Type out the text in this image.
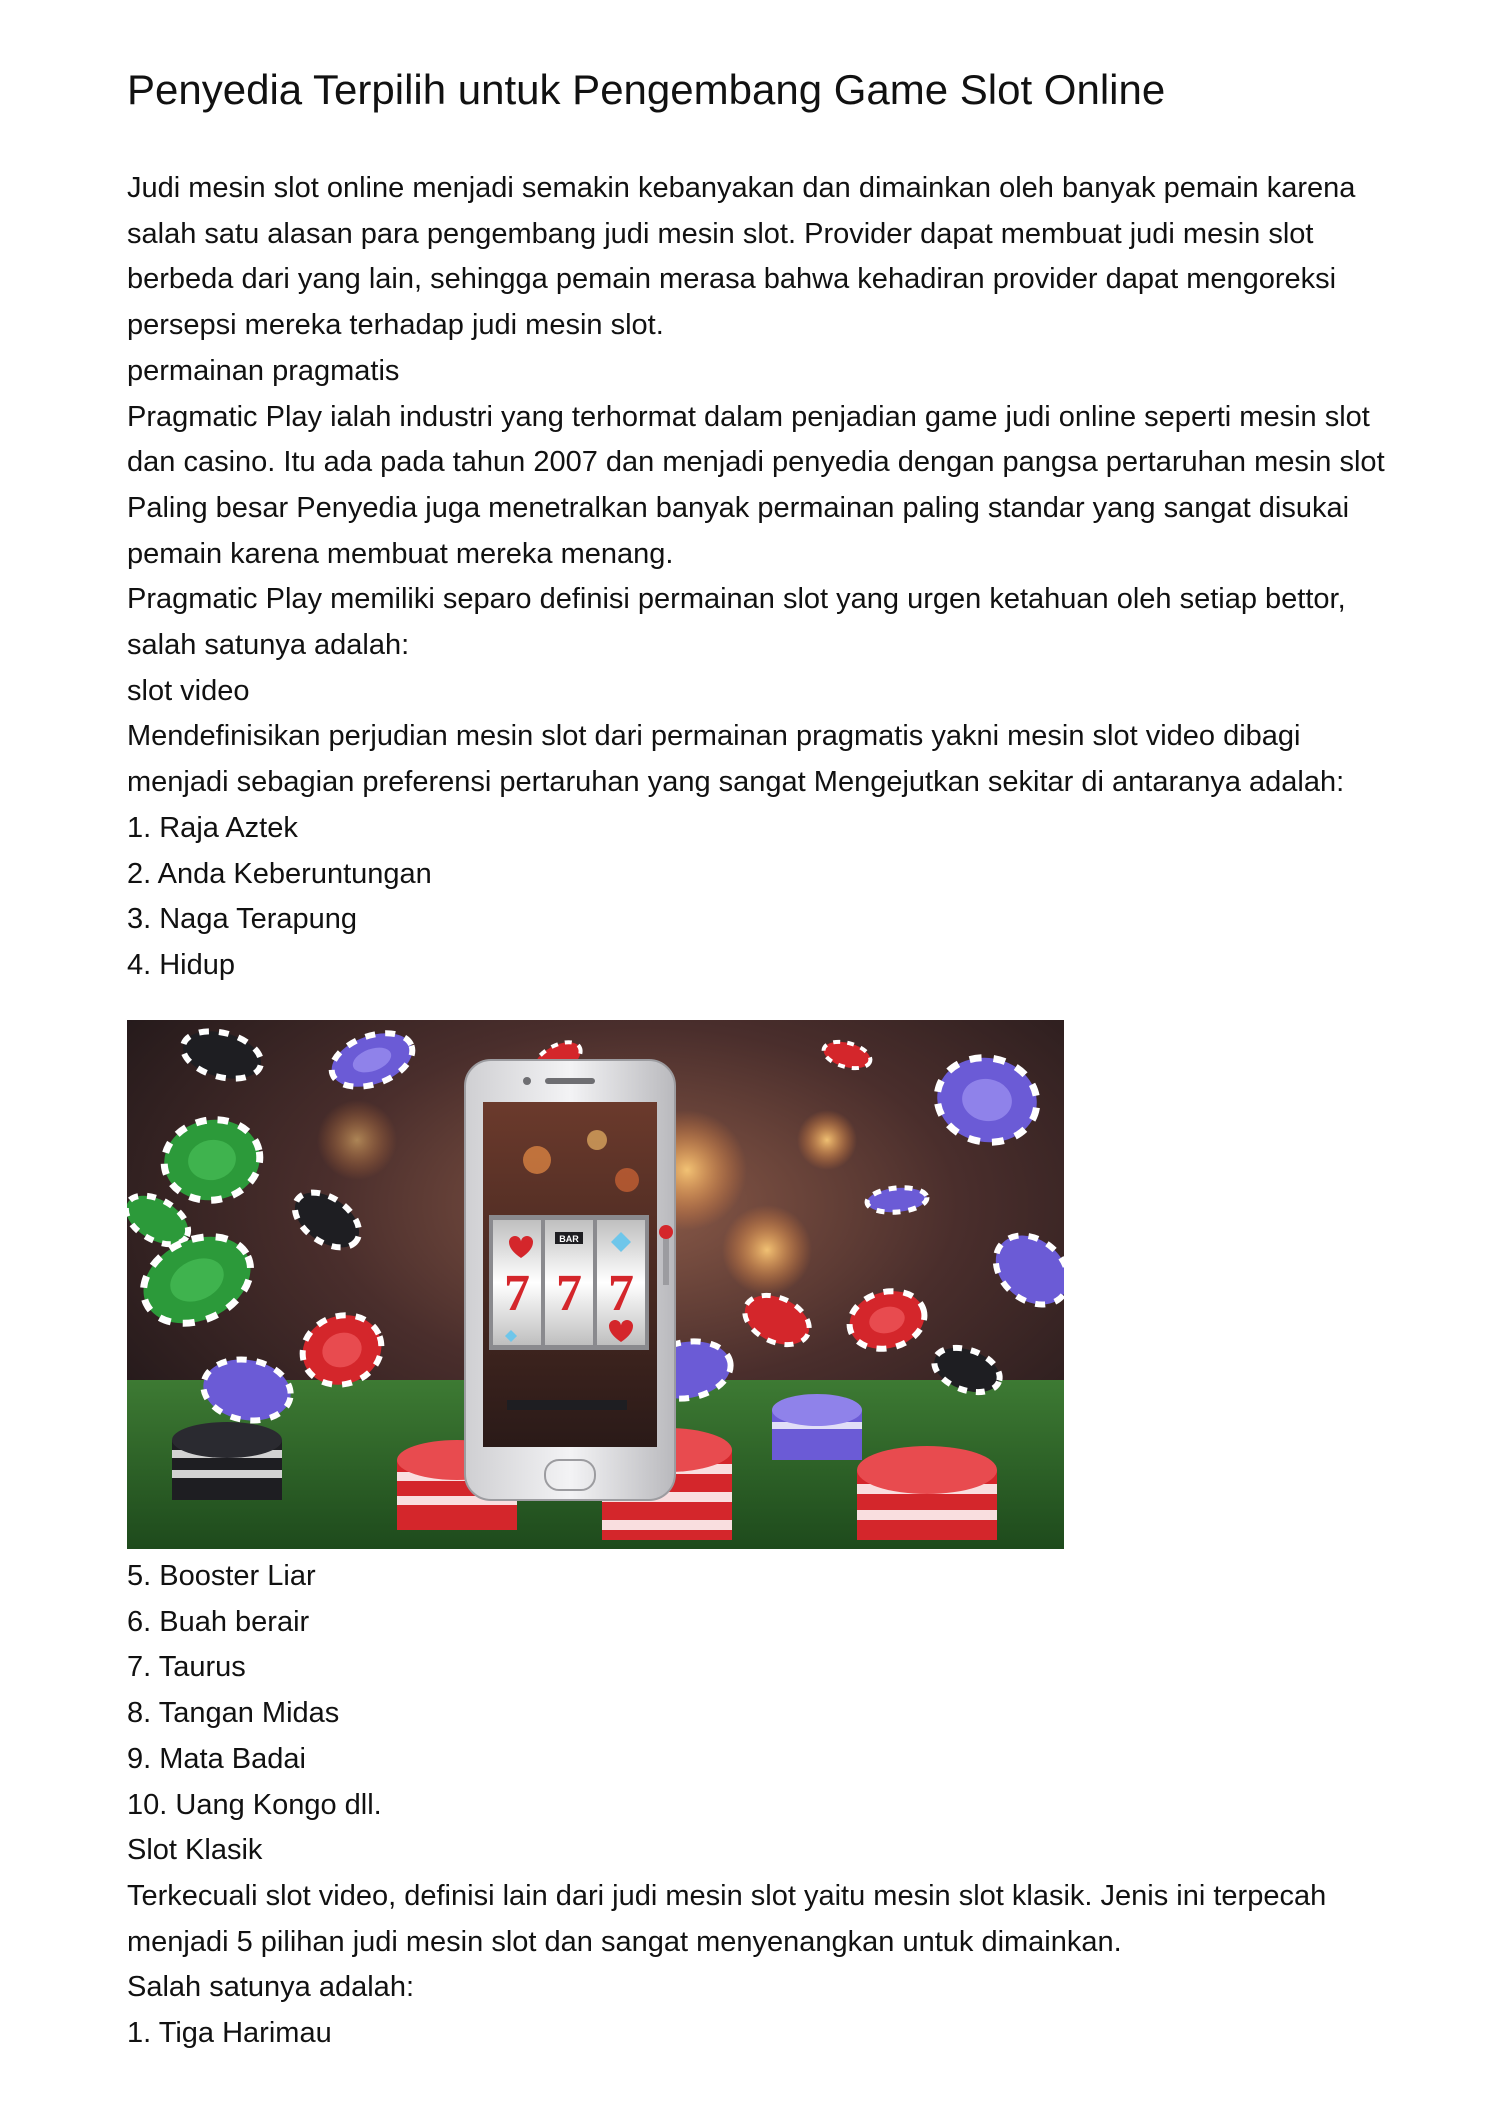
Penyedia Terpilih untuk Pengembang Game Slot Online

Judi mesin slot online menjadi semakin kebanyakan dan dimainkan oleh banyak pemain karena salah satu alasan para pengembang judi mesin slot. Provider dapat membuat judi mesin slot berbeda dari yang lain, sehingga pemain merasa bahwa kehadiran provider dapat mengoreksi persepsi mereka terhadap judi mesin slot.

permainan pragmatis

Pragmatic Play ialah industri yang terhormat dalam penjadian game judi online seperti mesin slot dan casino. Itu ada pada tahun 2007 dan menjadi penyedia dengan pangsa pertaruhan mesin slot Paling besar Penyedia juga menetralkan banyak permainan paling standar yang sangat disukai pemain karena membuat mereka menang.

Pragmatic Play memiliki separo definisi permainan slot yang urgen ketahuan oleh setiap bettor, salah satunya adalah:

slot video

Mendefinisikan perjudian mesin slot dari permainan pragmatis yakni mesin slot video dibagi menjadi sebagian preferensi pertaruhan yang sangat Mengejutkan sekitar di antaranya adalah:

1. Raja Aztek

2. Anda Keberuntungan

3. Naga Terapung

4. Hidup

BAR
7 7 7

5. Booster Liar

6. Buah berair

7. Taurus

8. Tangan Midas

9. Mata Badai

10. Uang Kongo dll.

Slot Klasik

Terkecuali slot video, definisi lain dari judi mesin slot yaitu mesin slot klasik. Jenis ini terpecah menjadi 5 pilihan judi mesin slot dan sangat menyenangkan untuk dimainkan.

Salah satunya adalah:

1. Tiga Harimau
